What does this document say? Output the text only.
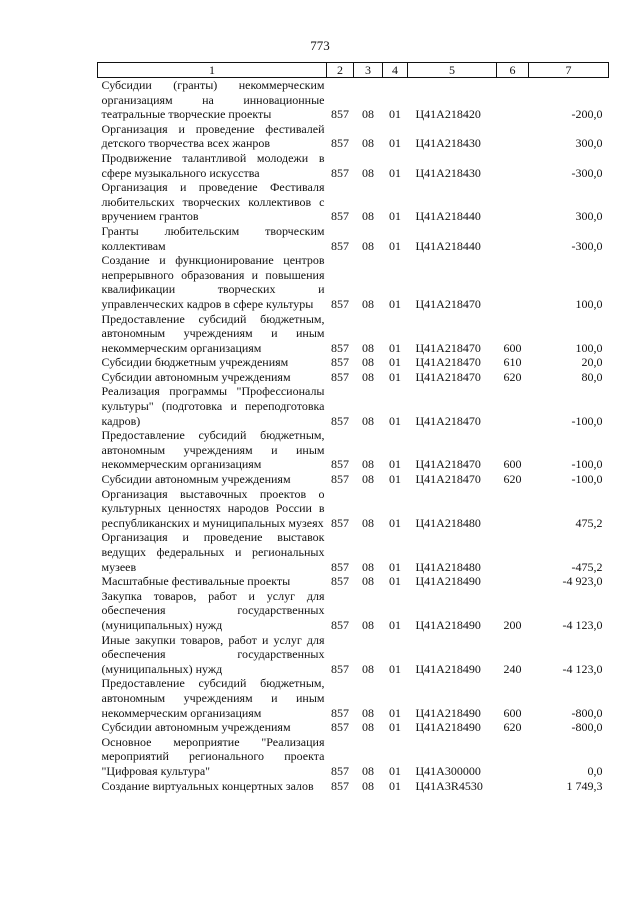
773
1	2	3	4	5	6	7
Субсидии (гранты) некоммерческим организациям на инновационные театральные творческие проекты	857	08	01	Ц41А218420		-200,0
Организация и проведение фестивалей детского творчества всех жанров	857	08	01	Ц41А218430		300,0
Продвижение талантливой молодежи в сфере музыкального искусства	857	08	01	Ц41А218430		-300,0
Организация и проведение Фестиваля любительских творческих коллективов с вручением грантов	857	08	01	Ц41А218440		300,0
Гранты любительским творческим коллективам	857	08	01	Ц41А218440		-300,0
Создание и функционирование центров непрерывного образования и повышения квалификации творческих и управленческих кадров в сфере культуры	857	08	01	Ц41А218470		100,0
Предоставление субсидий бюджетным, автономным учреждениям и иным некоммерческим организациям	857	08	01	Ц41А218470	600	100,0
Субсидии бюджетным учреждениям	857	08	01	Ц41А218470	610	20,0
Субсидии автономным учреждениям	857	08	01	Ц41А218470	620	80,0
Реализация программы "Профессионалы культуры" (подготовка и переподготовка кадров)	857	08	01	Ц41А218470		-100,0
Предоставление субсидий бюджетным, автономным учреждениям и иным некоммерческим организациям	857	08	01	Ц41А218470	600	-100,0
Субсидии автономным учреждениям	857	08	01	Ц41А218470	620	-100,0
Организация выставочных проектов о культурных ценностях народов России в республиканских и муниципальных музеях	857	08	01	Ц41А218480		475,2
Организация и проведение выставок ведущих федеральных и региональных музеев	857	08	01	Ц41А218480		-475,2
Масштабные фестивальные проекты	857	08	01	Ц41А218490		-4 923,0
Закупка товаров, работ и услуг для обеспечения государственных (муниципальных) нужд	857	08	01	Ц41А218490	200	-4 123,0
Иные закупки товаров, работ и услуг для обеспечения государственных (муниципальных) нужд	857	08	01	Ц41А218490	240	-4 123,0
Предоставление субсидий бюджетным, автономным учреждениям и иным некоммерческим организациям	857	08	01	Ц41А218490	600	-800,0
Субсидии автономным учреждениям	857	08	01	Ц41А218490	620	-800,0
Основное мероприятие "Реализация мероприятий регионального проекта "Цифровая культура"	857	08	01	Ц41А300000		0,0
Создание виртуальных концертных залов	857	08	01	Ц41А3R4530		1 749,3
